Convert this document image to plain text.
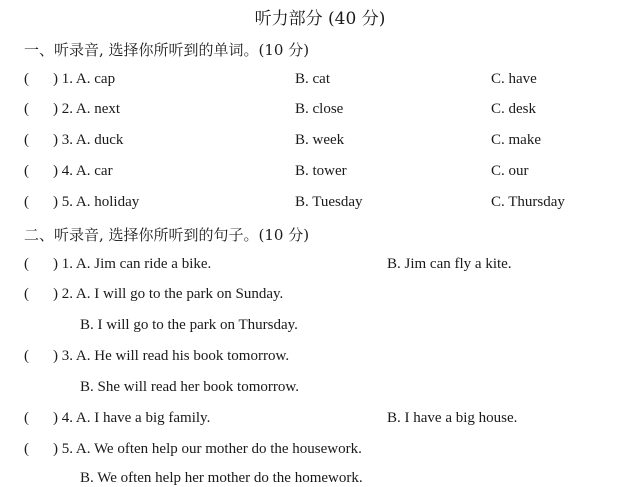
听力部分 (40 分)
一、听录音, 选择你所听到的单词。(10 分)
( ) 1. A. cap	B. cat	C. have
( ) 2. A. next	B. close	C. desk
( ) 3. A. duck	B. week	C. make
( ) 4. A. car	B. tower	C. our
( ) 5. A. holiday	B. Tuesday	C. Thursday
二、听录音, 选择你所听到的句子。(10 分)
( ) 1. A. Jim can ride a bike.	B. Jim can fly a kite.
( ) 2. A. I will go to the park on Sunday.
B. I will go to the park on Thursday.
( ) 3. A. He will read his book tomorrow.
B. She will read her book tomorrow.
( ) 4. A. I have a big family.	B. I have a big house.
( ) 5. A. We often help our mother do the housework.
B. We often help her mother do the homework.
